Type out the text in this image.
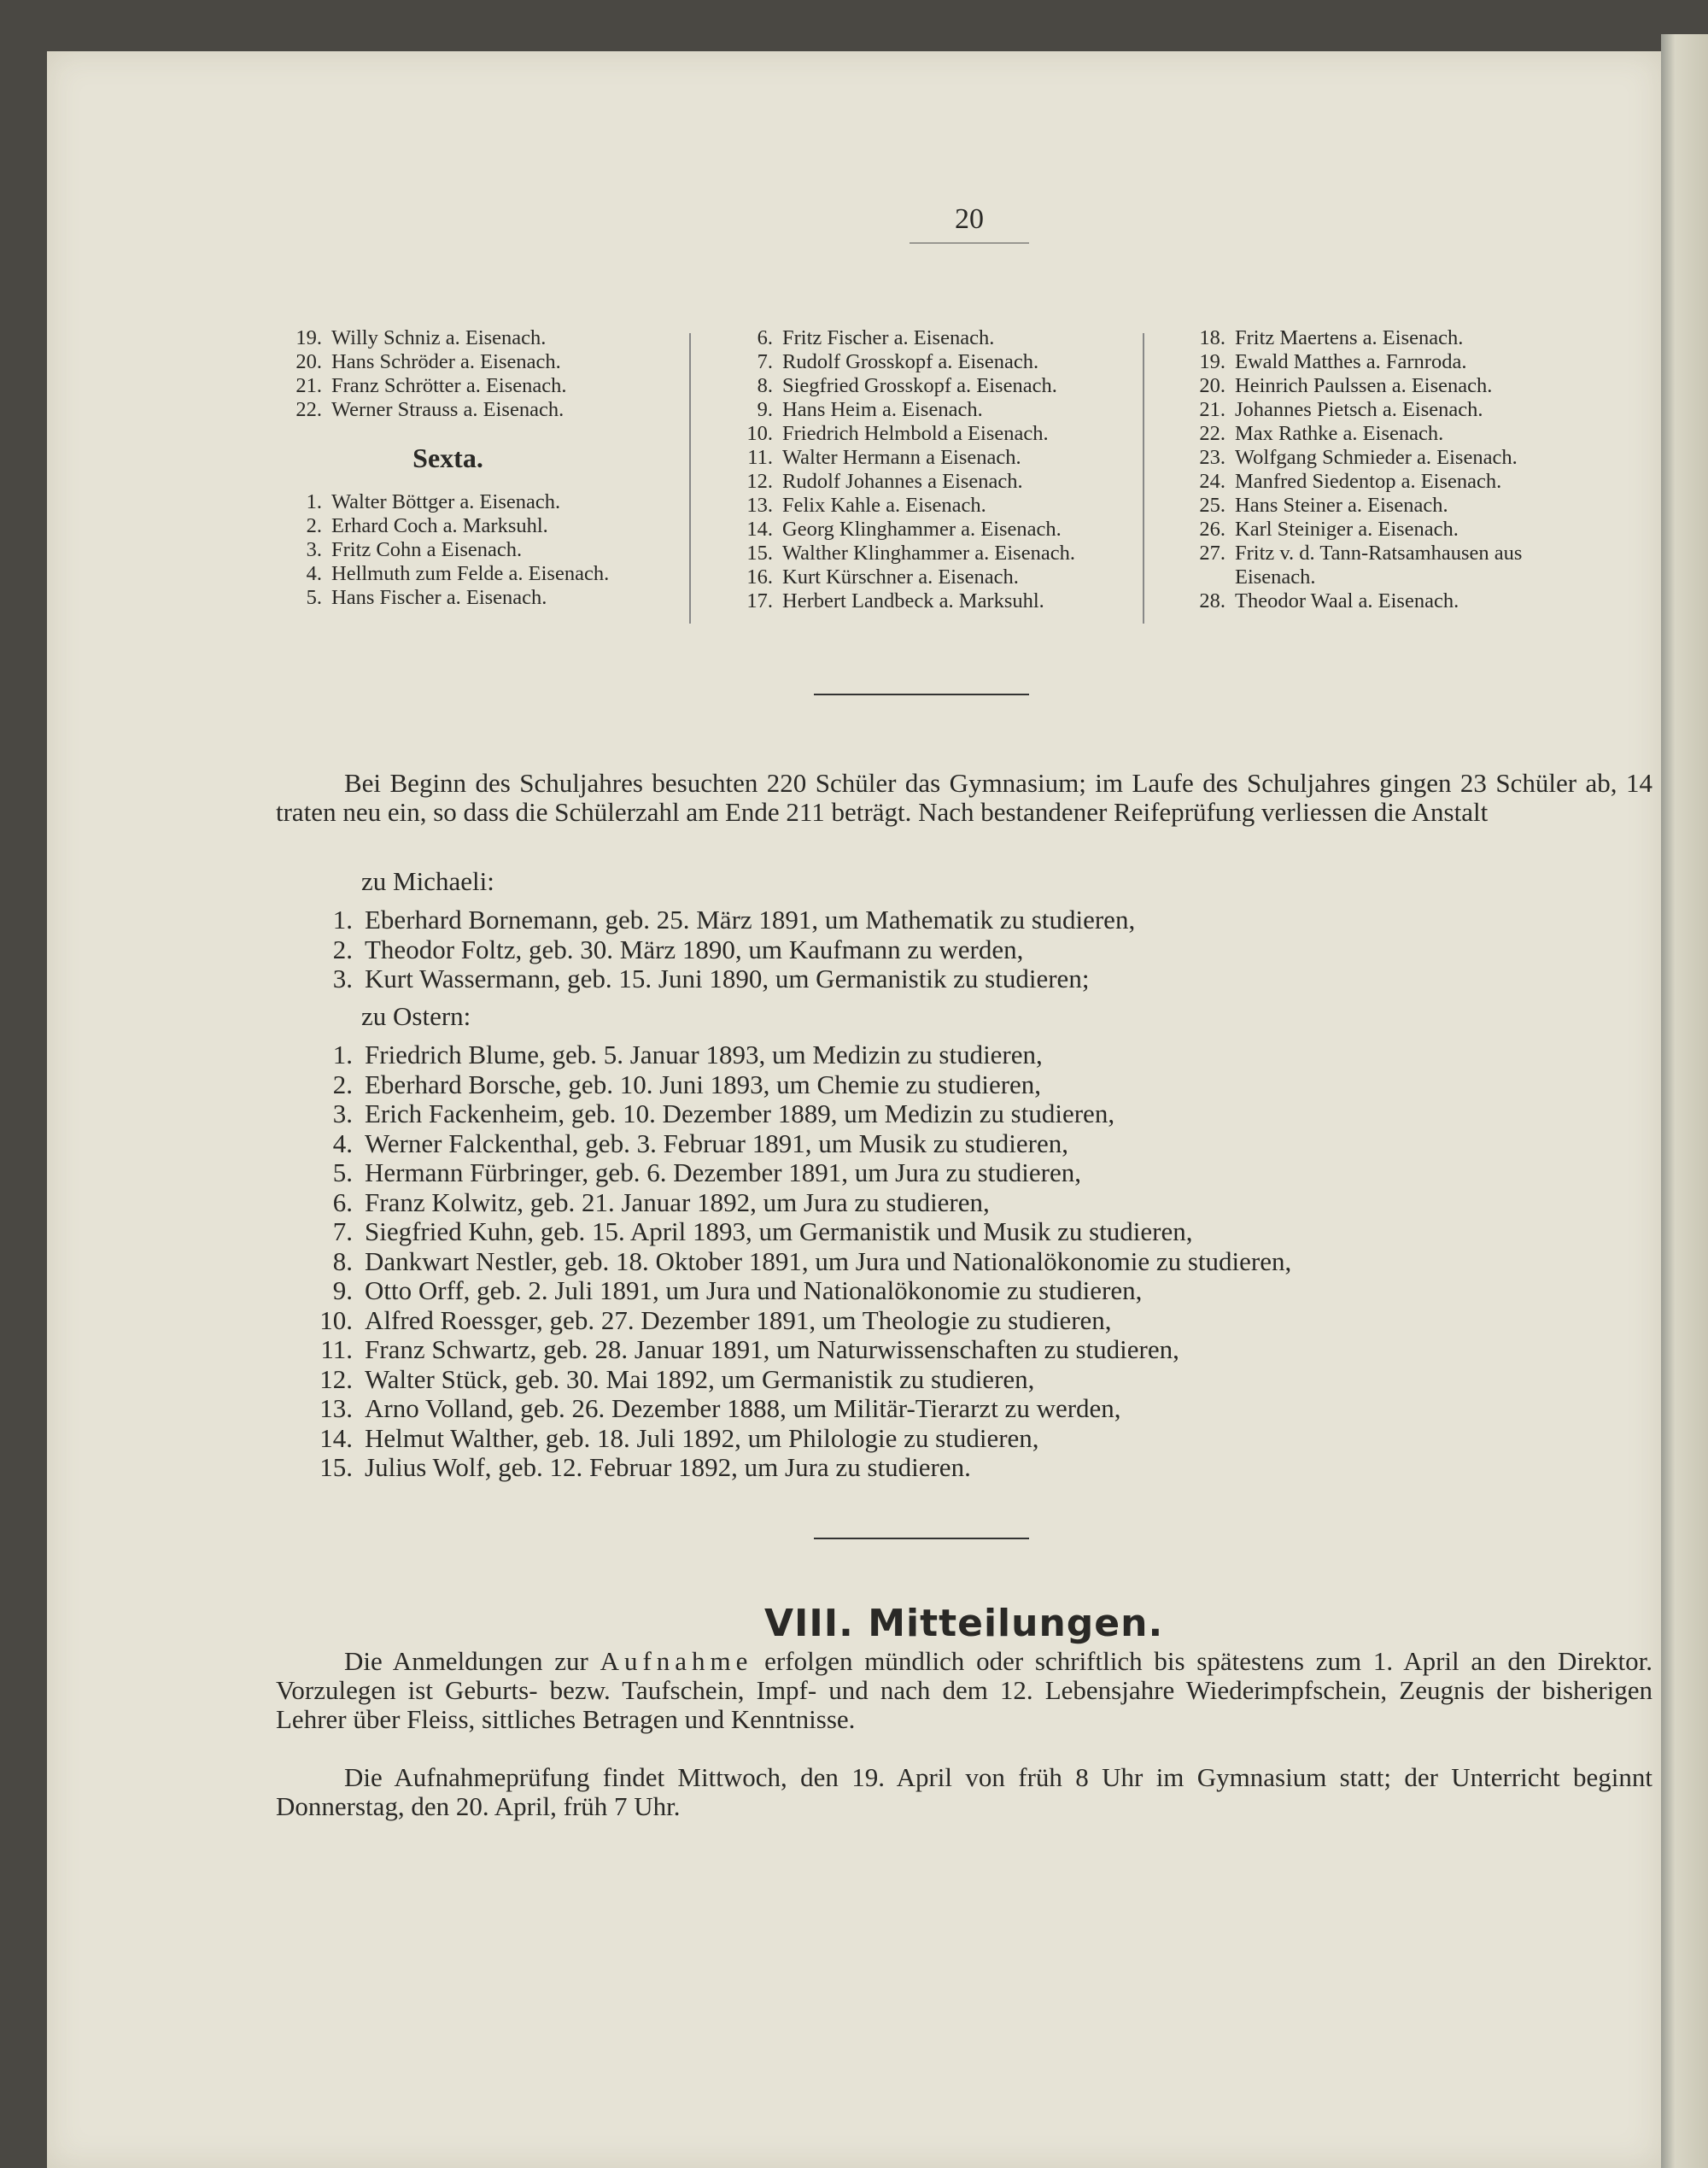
20
19. Willy Schniz a. Eisenach.
20. Hans Schröder a. Eisenach.
21. Franz Schrötter a. Eisenach.
22. Werner Strauss a. Eisenach.
Sexta.
1. Walter Böttger a. Eisenach.
2. Erhard Coch a. Marksuhl.
3. Fritz Cohn a Eisenach.
4. Hellmuth zum Felde a. Eisenach.
5. Hans Fischer a. Eisenach.
6. Fritz Fischer a. Eisenach.
7. Rudolf Grosskopf a. Eisenach.
8. Siegfried Grosskopf a. Eisenach.
9. Hans Heim a. Eisenach.
10. Friedrich Helmbold a Eisenach.
11. Walter Hermann a Eisenach.
12. Rudolf Johannes a Eisenach.
13. Felix Kahle a. Eisenach.
14. Georg Klinghammer a. Eisenach.
15. Walther Klinghammer a. Eisenach.
16. Kurt Kürschner a. Eisenach.
17. Herbert Landbeck a. Marksuhl.
18. Fritz Maertens a. Eisenach.
19. Ewald Matthes a. Farnroda.
20. Heinrich Paulssen a. Eisenach.
21. Johannes Pietsch a. Eisenach.
22. Max Rathke a. Eisenach.
23. Wolfgang Schmieder a. Eisenach.
24. Manfred Siedentop a. Eisenach.
25. Hans Steiner a. Eisenach.
26. Karl Steiniger a. Eisenach.
27. Fritz v. d. Tann-Ratsamhausen aus
Eisenach.
28. Theodor Waal a. Eisenach.
Bei Beginn des Schuljahres besuchten 220 Schüler das Gymnasium; im Laufe des Schuljahres gingen 23 Schüler ab, 14 traten neu ein, so dass die Schülerzahl am Ende 211 beträgt. Nach bestandener Reifeprüfung verliessen die Anstalt
zu Michaeli:
1. Eberhard Bornemann, geb. 25. März 1891, um Mathematik zu studieren,
2. Theodor Foltz, geb. 30. März 1890, um Kaufmann zu werden,
3. Kurt Wassermann, geb. 15. Juni 1890, um Germanistik zu studieren;
zu Ostern:
1. Friedrich Blume, geb. 5. Januar 1893, um Medizin zu studieren,
2. Eberhard Borsche, geb. 10. Juni 1893, um Chemie zu studieren,
3. Erich Fackenheim, geb. 10. Dezember 1889, um Medizin zu studieren,
4. Werner Falckenthal, geb. 3. Februar 1891, um Musik zu studieren,
5. Hermann Fürbringer, geb. 6. Dezember 1891, um Jura zu studieren,
6. Franz Kolwitz, geb. 21. Januar 1892, um Jura zu studieren,
7. Siegfried Kuhn, geb. 15. April 1893, um Germanistik und Musik zu studieren,
8. Dankwart Nestler, geb. 18. Oktober 1891, um Jura und Nationalökonomie zu studieren,
9. Otto Orff, geb. 2. Juli 1891, um Jura und Nationalökonomie zu studieren,
10. Alfred Roessger, geb. 27. Dezember 1891, um Theologie zu studieren,
11. Franz Schwartz, geb. 28. Januar 1891, um Naturwissenschaften zu studieren,
12. Walter Stück, geb. 30. Mai 1892, um Germanistik zu studieren,
13. Arno Volland, geb. 26. Dezember 1888, um Militär-Tierarzt zu werden,
14. Helmut Walther, geb. 18. Juli 1892, um Philologie zu studieren,
15. Julius Wolf, geb. 12. Februar 1892, um Jura zu studieren.
VIII. Mitteilungen.
Die Anmeldungen zur Aufnahme erfolgen mündlich oder schriftlich bis spätestens zum 1. April an den Direktor. Vorzulegen ist Geburts- bezw. Taufschein, Impf- und nach dem 12. Lebensjahre Wiederimpfschein, Zeugnis der bisherigen Lehrer über Fleiss, sittliches Betragen und Kenntnisse.
Die Aufnahmeprüfung findet Mittwoch, den 19. April von früh 8 Uhr im Gymnasium statt; der Unterricht beginnt Donnerstag, den 20. April, früh 7 Uhr.
